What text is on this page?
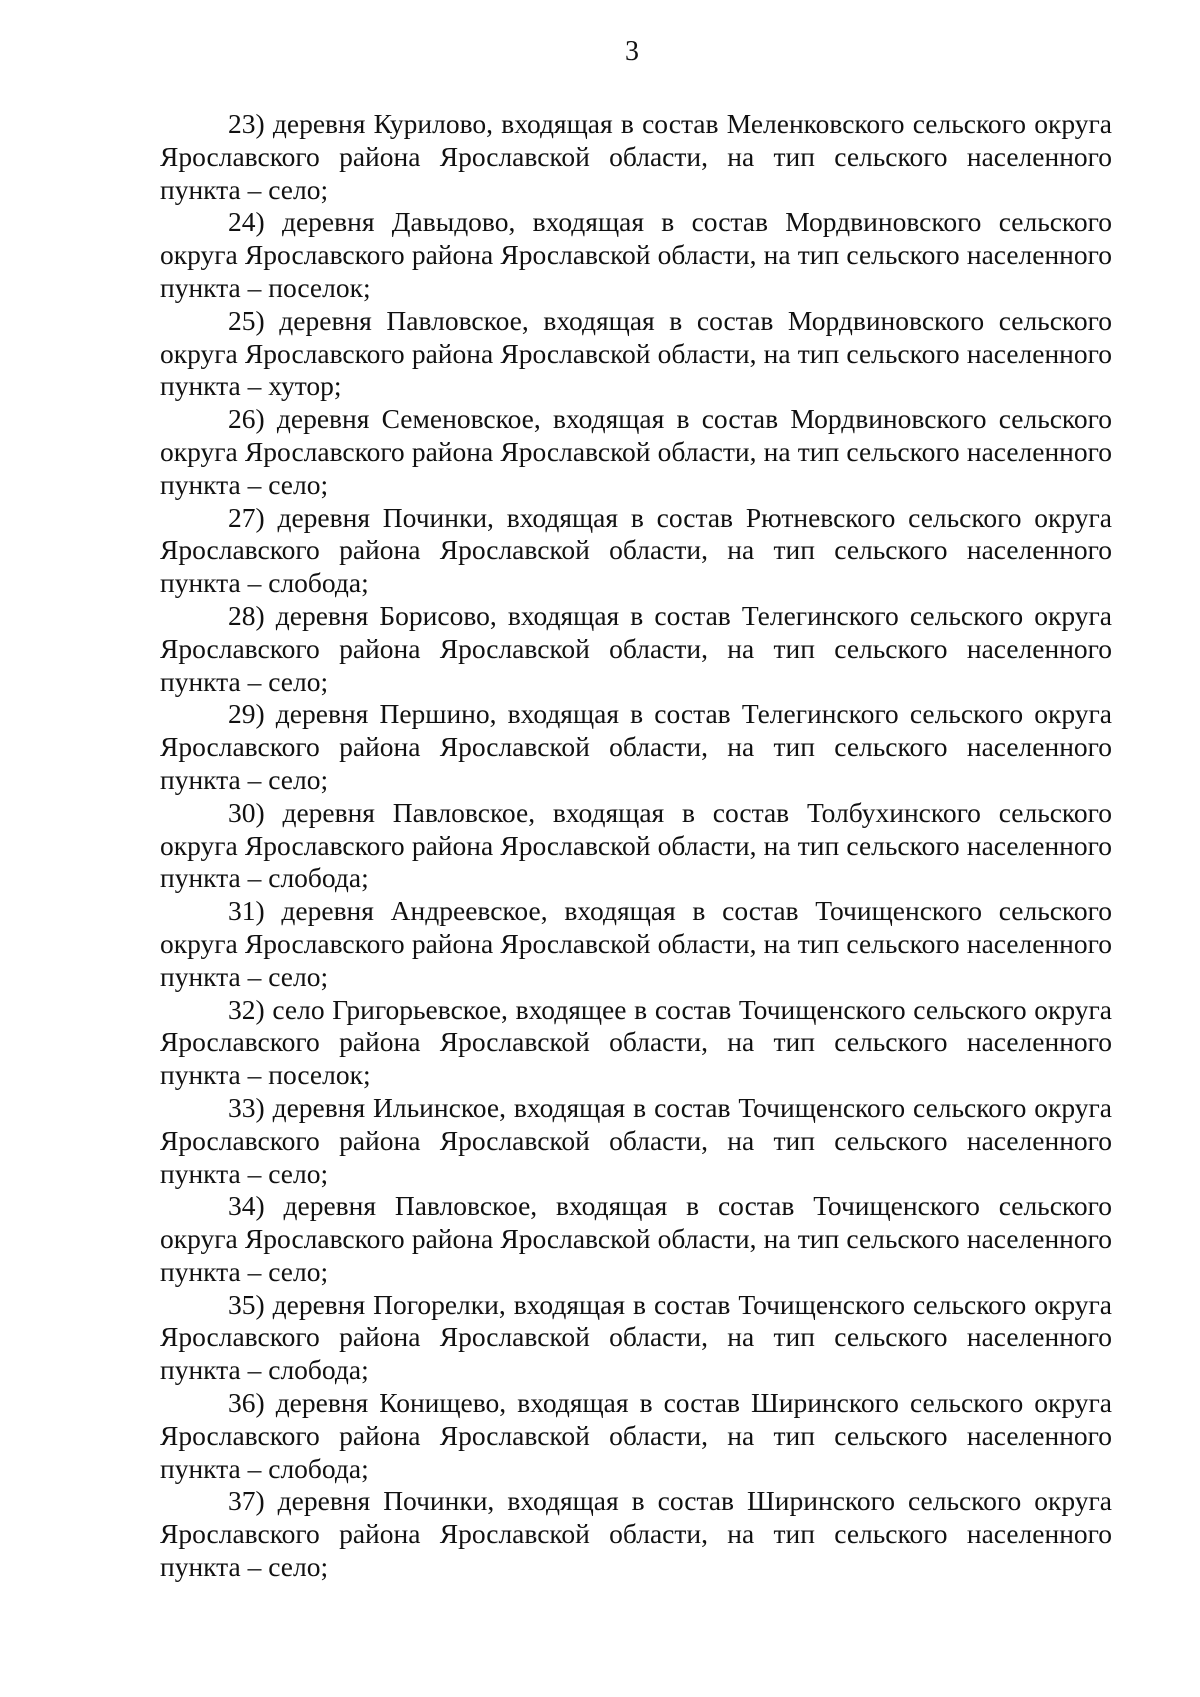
3

23) деревня Курилово, входящая в состав Меленковского сельского округа Ярославского района Ярославской области, на тип сельского населенного пункта – село;

24) деревня Давыдово, входящая в состав Мордвиновского сельского округа Ярославского района Ярославской области, на тип сельского населенного пункта – поселок;

25) деревня Павловское, входящая в состав Мордвиновского сельского округа Ярославского района Ярославской области, на тип сельского населенного пункта – хутор;

26) деревня Семеновское, входящая в состав Мордвиновского сельского округа Ярославского района Ярославской области, на тип сельского населенного пункта – село;

27) деревня Починки, входящая в состав Рютневского сельского округа Ярославского района Ярославской области, на тип сельского населенного пункта – слобода;

28) деревня Борисово, входящая в состав Телегинского сельского округа Ярославского района Ярославской области, на тип сельского населенного пункта – село;

29) деревня Першино, входящая в состав Телегинского сельского округа Ярославского района Ярославской области, на тип сельского населенного пункта – село;

30) деревня Павловское, входящая в состав Толбухинского сельского округа Ярославского района Ярославской области, на тип сельского населенного пункта – слобода;

31) деревня Андреевское, входящая в состав Точищенского сельского округа Ярославского района Ярославской области, на тип сельского населенного пункта – село;

32) село Григорьевское, входящее в состав Точищенского сельского округа Ярославского района Ярославской области, на тип сельского населенного пункта – поселок;

33) деревня Ильинское, входящая в состав Точищенского сельского округа Ярославского района Ярославской области, на тип сельского населенного пункта – село;

34) деревня Павловское, входящая в состав Точищенского сельского округа Ярославского района Ярославской области, на тип сельского населенного пункта – село;

35) деревня Погорелки, входящая в состав Точищенского сельского округа Ярославского района Ярославской области, на тип сельского населенного пункта – слобода;

36) деревня Конищево, входящая в состав Ширинского сельского округа Ярославского района Ярославской области, на тип сельского населенного пункта – слобода;

37) деревня Починки, входящая в состав Ширинского сельского округа Ярославского района Ярославской области, на тип сельского населенного пункта – село;
